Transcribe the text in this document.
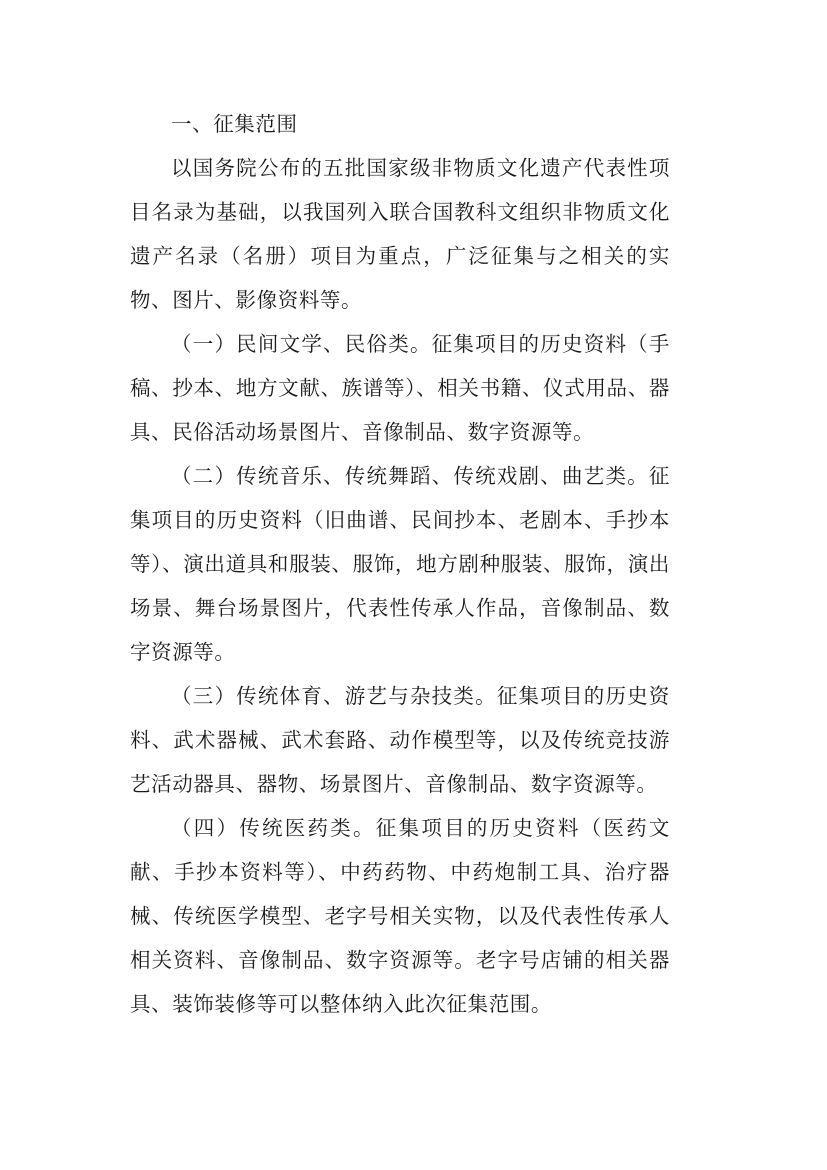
一、征集范围

以国务院公布的五批国家级非物质文化遗产代表性项目名录为基础，以我国列入联合国教科文组织非物质文化遗产名录（名册）项目为重点，广泛征集与之相关的实物、图片、影像资料等。

（一）民间文学、民俗类。征集项目的历史资料（手稿、抄本、地方文献、族谱等）、相关书籍、仪式用品、器具、民俗活动场景图片、音像制品、数字资源等。

（二）传统音乐、传统舞蹈、传统戏剧、曲艺类。征集项目的历史资料（旧曲谱、民间抄本、老剧本、手抄本等）、演出道具和服装、服饰，地方剧种服装、服饰，演出场景、舞台场景图片，代表性传承人作品，音像制品、数字资源等。

（三）传统体育、游艺与杂技类。征集项目的历史资料、武术器械、武术套路、动作模型等，以及传统竞技游艺活动器具、器物、场景图片、音像制品、数字资源等。

（四）传统医药类。征集项目的历史资料（医药文献、手抄本资料等）、中药药物、中药炮制工具、治疗器械、传统医学模型、老字号相关实物，以及代表性传承人相关资料、音像制品、数字资源等。老字号店铺的相关器具、装饰装修等可以整体纳入此次征集范围。
